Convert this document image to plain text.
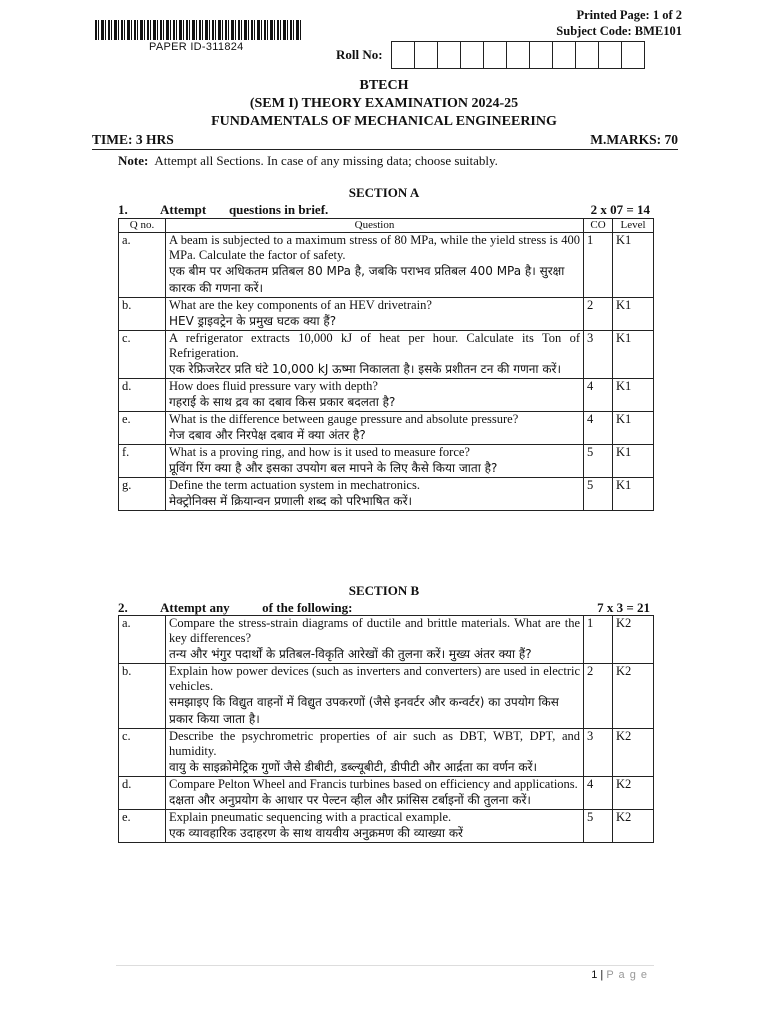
PAPER ID-311824
Printed Page: 1 of 2
Subject Code: BME101
Roll No:
BTECH
(SEM I) THEORY EXAMINATION 2024-25
FUNDAMENTALS OF MECHANICAL ENGINEERING
TIME: 3 HRS	M.MARKS: 70
Note: Attempt all Sections. In case of any missing data; choose suitably.
SECTION A
1.	Attempt       questions in brief.	2 x 07 = 14
Q no.	Question	CO	Level
a.	A beam is subjected to a maximum stress of 80 MPa, while the yield stress is 400 MPa. Calculate the factor of safety.
एक बीम पर अधिकतम प्रतिबल 80 MPa है, जबकि पराभव प्रतिबल 400 MPa है। सुरक्षा कारक की गणना करें।	1	K1
b.	What are the key components of an HEV drivetrain?
HEV ड्राइवट्रेन के प्रमुख घटक क्या हैं?	2	K1
c.	A refrigerator extracts 10,000 kJ of heat per hour. Calculate its Ton of Refrigeration.
एक रेफ्रिजरेटर प्रति घंटे 10,000 kJ ऊष्मा निकालता है। इसके प्रशीतन टन की गणना करें।	3	K1
d.	How does fluid pressure vary with depth?
गहराई के साथ द्रव का दबाव किस प्रकार बदलता है?	4	K1
e.	What is the difference between gauge pressure and absolute pressure?
गेज दबाव और निरपेक्ष दबाव में क्या अंतर है?	4	K1
f.	What is a proving ring, and how is it used to measure force?
प्रूविंग रिंग क्या है और इसका उपयोग बल मापने के लिए कैसे किया जाता है?	5	K1
g.	Define the term actuation system in mechatronics.
मेक्ट्रोनिक्स में क्रियान्वन प्रणाली शब्द को परिभाषित करें।	5	K1
SECTION B
2.	Attempt any          of the following:	7 x 3 = 21
a.	Compare the stress-strain diagrams of ductile and brittle materials. What are the key differences?
तन्य और भंगुर पदार्थों के प्रतिबल-विकृति आरेखों की तुलना करें। मुख्य अंतर क्या हैं?	1	K2
b.	Explain how power devices (such as inverters and converters) are used in electric vehicles.
समझाइए कि विद्युत वाहनों में विद्युत उपकरणों (जैसे इनवर्टर और कन्वर्टर) का उपयोग किस प्रकार किया जाता है।	2	K2
c.	Describe the psychrometric properties of air such as DBT, WBT, DPT, and humidity.
वायु के साइक्रोमेट्रिक गुणों जैसे डीबीटी, डब्ल्यूबीटी, डीपीटी और आर्द्रता का वर्णन करें।	3	K2
d.	Compare Pelton Wheel and Francis turbines based on efficiency and applications.
दक्षता और अनुप्रयोग के आधार पर पेल्टन व्हील और फ्रांसिस टर्बाइनों की तुलना करें।	4	K2
e.	Explain pneumatic sequencing with a practical example.
एक व्यावहारिक उदाहरण के साथ वायवीय अनुक्रमण की व्याख्या करें	5	K2
1 | P a g e
